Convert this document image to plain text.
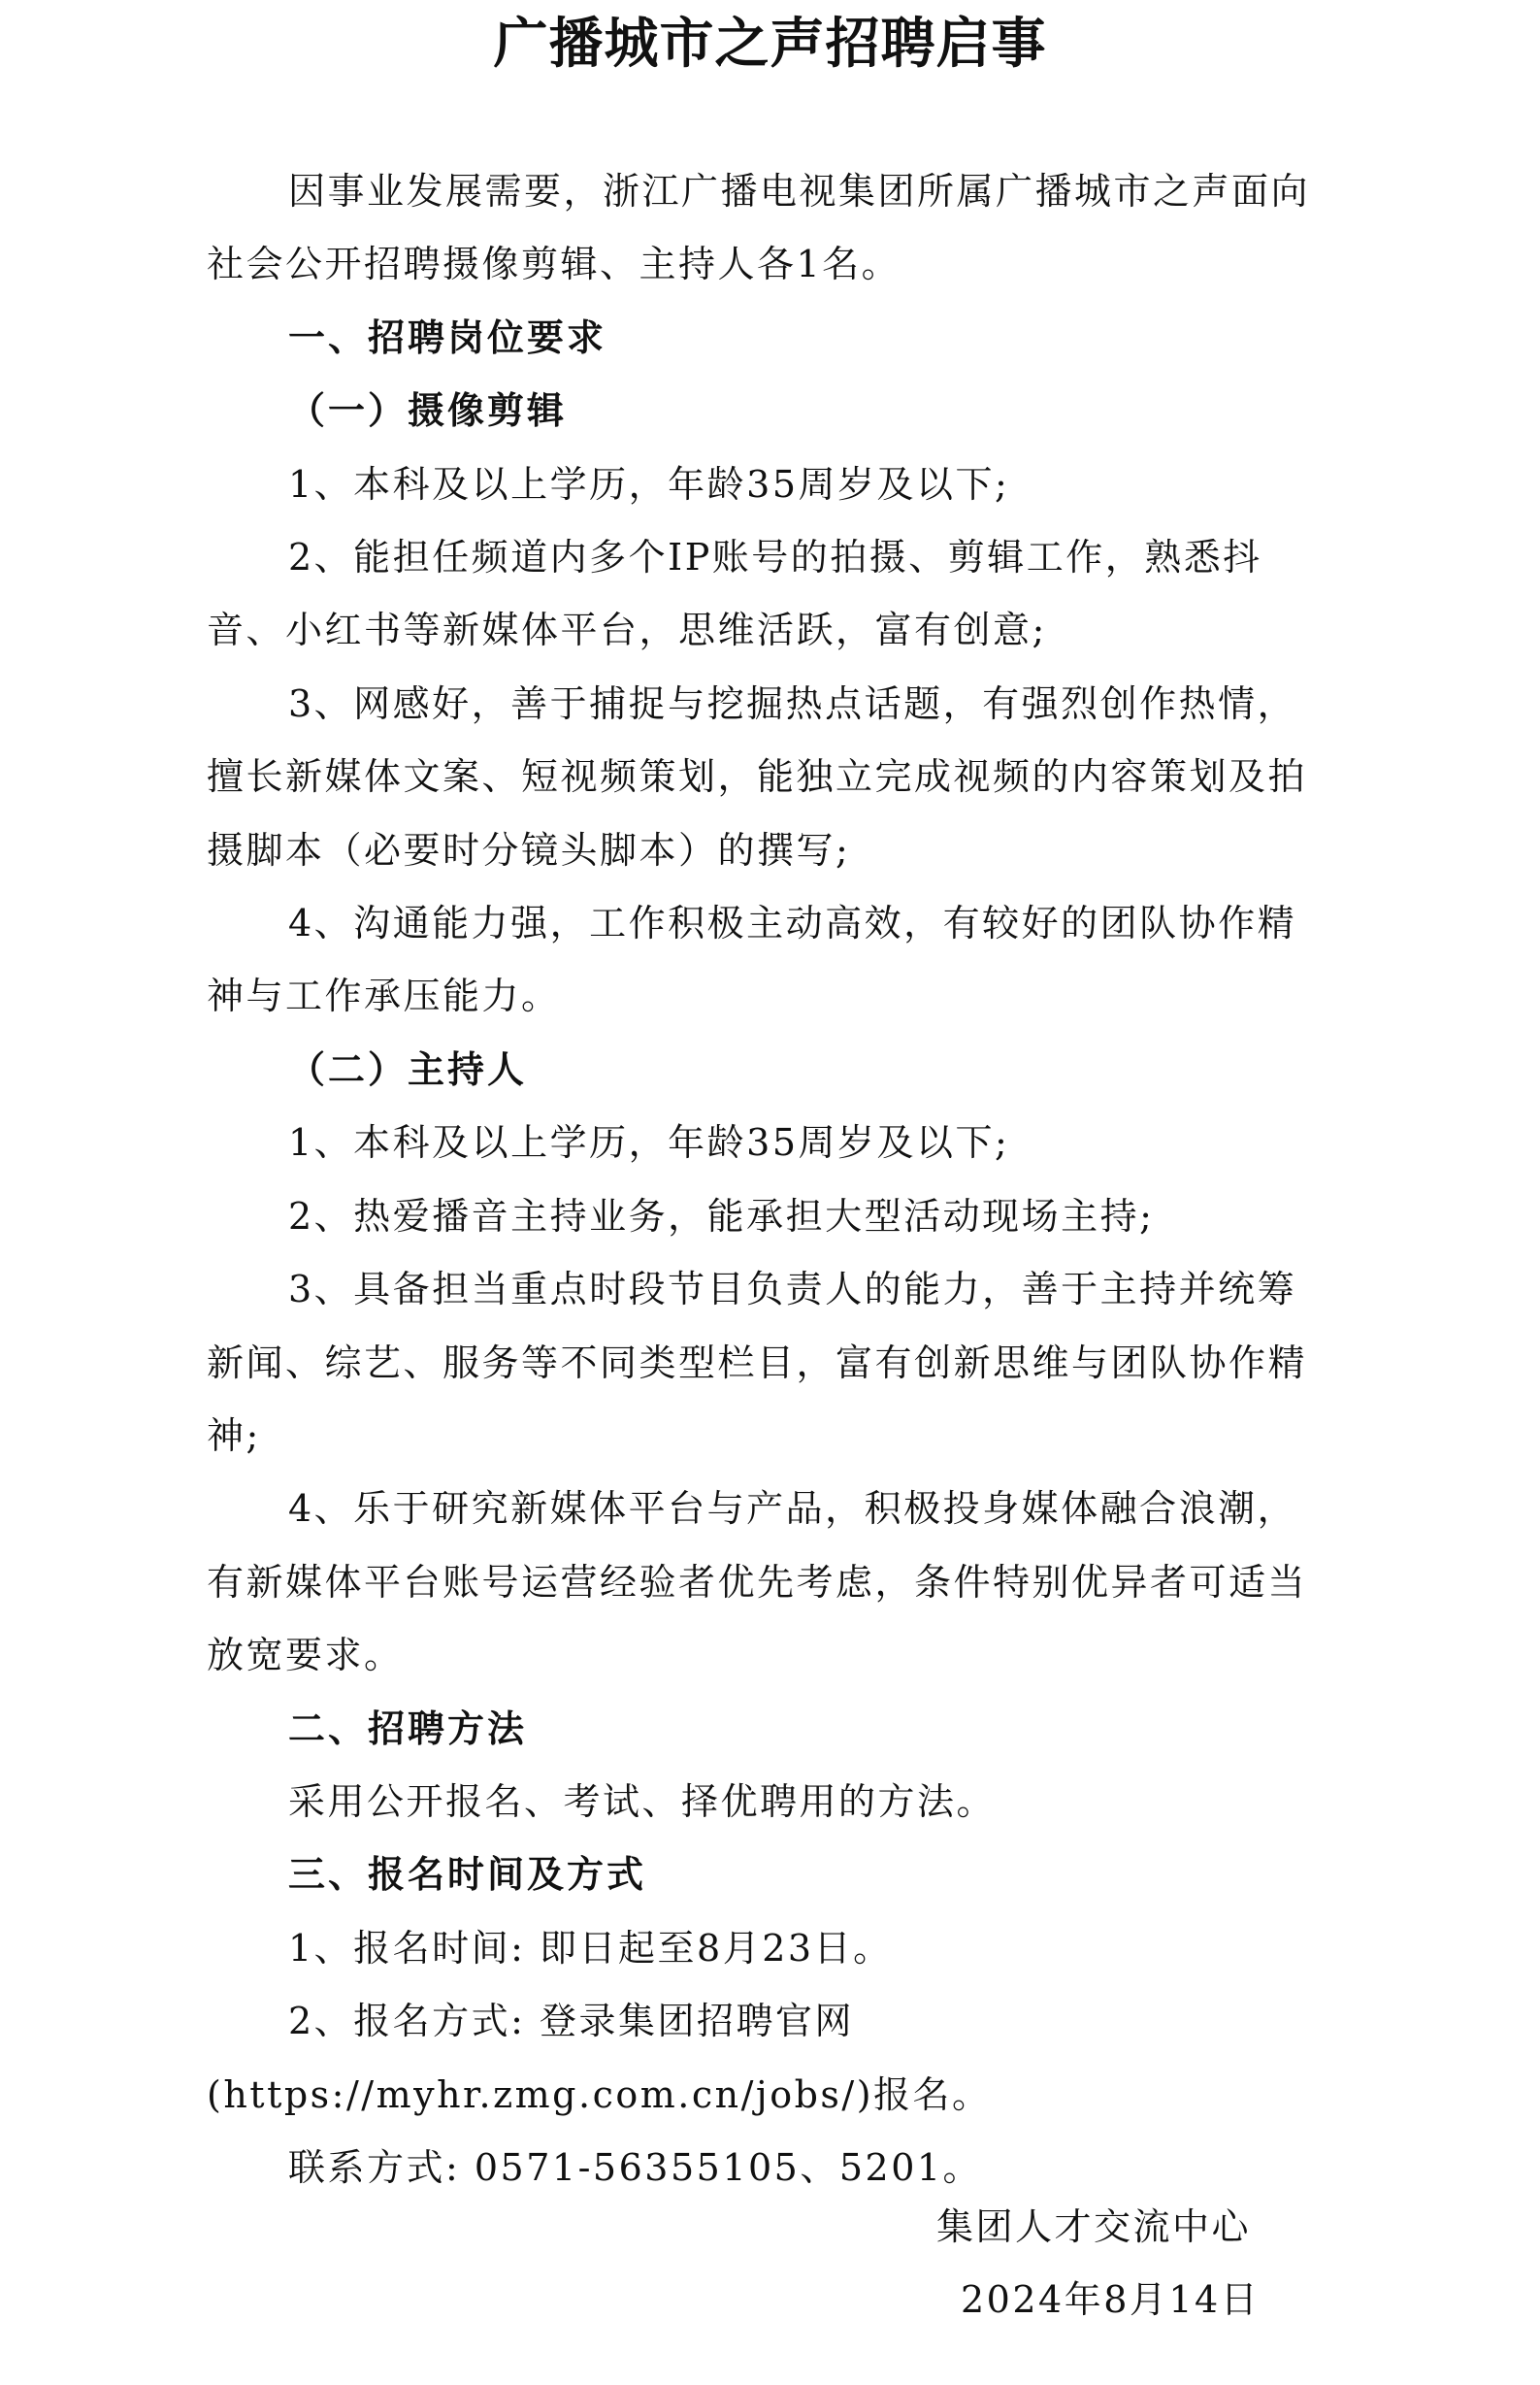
广播城市之声招聘启事

因事业发展需要，浙江广播电视集团所属广播城市之声面向社会公开招聘摄像剪辑、主持人各1名。

一、招聘岗位要求

（一）摄像剪辑

1、本科及以上学历，年龄35周岁及以下;

2、能担任频道内多个IP账号的拍摄、剪辑工作，熟悉抖音、小红书等新媒体平台，思维活跃，富有创意;

3、网感好，善于捕捉与挖掘热点话题，有强烈创作热情，擅长新媒体文案、短视频策划，能独立完成视频的内容策划及拍摄脚本（必要时分镜头脚本）的撰写;

4、沟通能力强，工作积极主动高效，有较好的团队协作精神与工作承压能力。

（二）主持人

1、本科及以上学历，年龄35周岁及以下;

2、热爱播音主持业务，能承担大型活动现场主持;

3、具备担当重点时段节目负责人的能力，善于主持并统筹新闻、综艺、服务等不同类型栏目，富有创新思维与团队协作精神;

4、乐于研究新媒体平台与产品，积极投身媒体融合浪潮，有新媒体平台账号运营经验者优先考虑，条件特别优异者可适当放宽要求。

二、招聘方法

采用公开报名、考试、择优聘用的方法。

三、报名时间及方式

1、报名时间: 即日起至8月23日。

2、报名方式: 登录集团招聘官网(https://myhr.zmg.com.cn/jobs/)报名。

联系方式: 0571-56355105、5201。

集团人才交流中心

2024年8月14日
